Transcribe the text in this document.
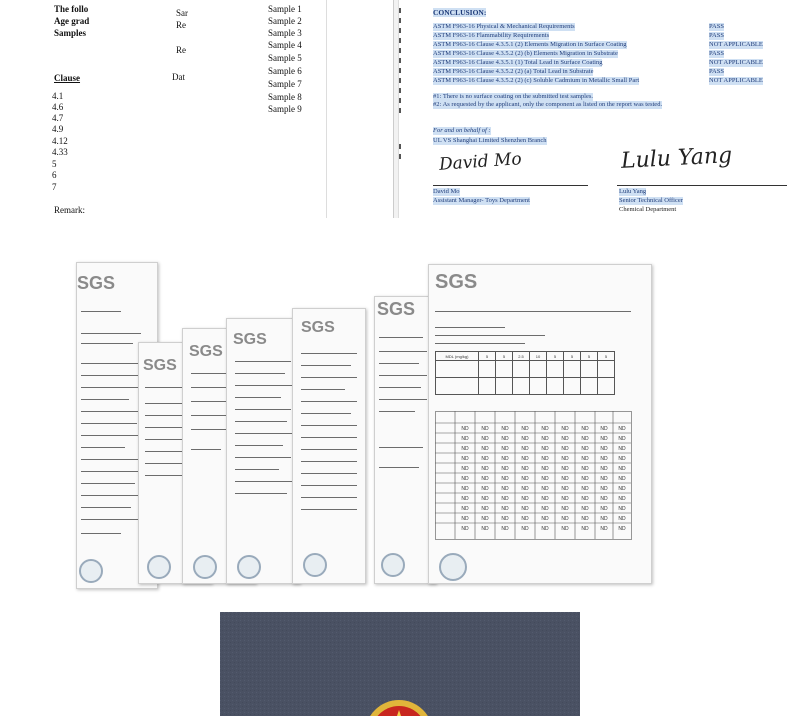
The follo
Age grad
Samples
Sar
Re
Re
Dat
Sample 1
Sample 2
Sample 3
Sample 4
Sample 5
Sample 6
Sample 7
Sample 8
Sample 9
Clause
4.1
4.6
4.7
4.9
4.12
4.33
5
6
7
Remark:
CONCLUSION:
ASTM F963-16 Physical & Mechanical Requirements	PASS
ASTM F963-16 Flammability Requirements	PASS
ASTM F963-16 Clause 4.3.5.1 (2) Elements Migration in Surface Coating	NOT APPLICABLE
ASTM F963-16 Clause 4.3.5.2 (2) (b) Elements Migration in Substrate	PASS
ASTM F963-16 Clause 4.3.5.1 (1) Total Lead in Surface Coating	NOT APPLICABLE
ASTM F963-16 Clause 4.3.5.2 (2) (a) Total Lead in Substrate	PASS
ASTM F963-16 Clause 4.3.5.2 (2) (c) Soluble Cadmium in Metallic Small Part	NOT APPLICABLE
#1: There is no surface coating on the submitted test samples.
#2: As requested by the applicant, only the component as listed on the report was tested.
For and on behalf of :
UL VS Shanghai Limited Shenzhen Branch
David Mo	Lulu Yang
David Mo
Assistant Manager- Toys Department
Lulu Yang
Senior Technical Officer
Chemical Department
SGS
SGS
SGS
SGS
SGS
SGS
SGS
MDL (mg/kg)	5	5	2.5	10	5	5	5	5

ND	ND	ND	ND	ND	ND	ND ND ND
ND	ND	ND	ND	ND	ND	ND ND ND
ND	ND	ND	ND	ND	ND	ND ND ND
ND	ND	ND	ND	ND	ND	ND ND ND
ND	ND	ND	ND	ND	ND	ND ND ND
ND	ND	ND	ND	ND	ND	ND ND ND
ND	ND	ND	ND	ND	ND	ND ND ND
ND	ND	ND	ND	ND	ND	ND ND ND
ND	ND	ND	ND	ND	ND	ND ND ND
ND	ND	ND	ND	ND	ND	ND ND ND
ND	ND	ND	ND	ND	ND	ND ND ND
